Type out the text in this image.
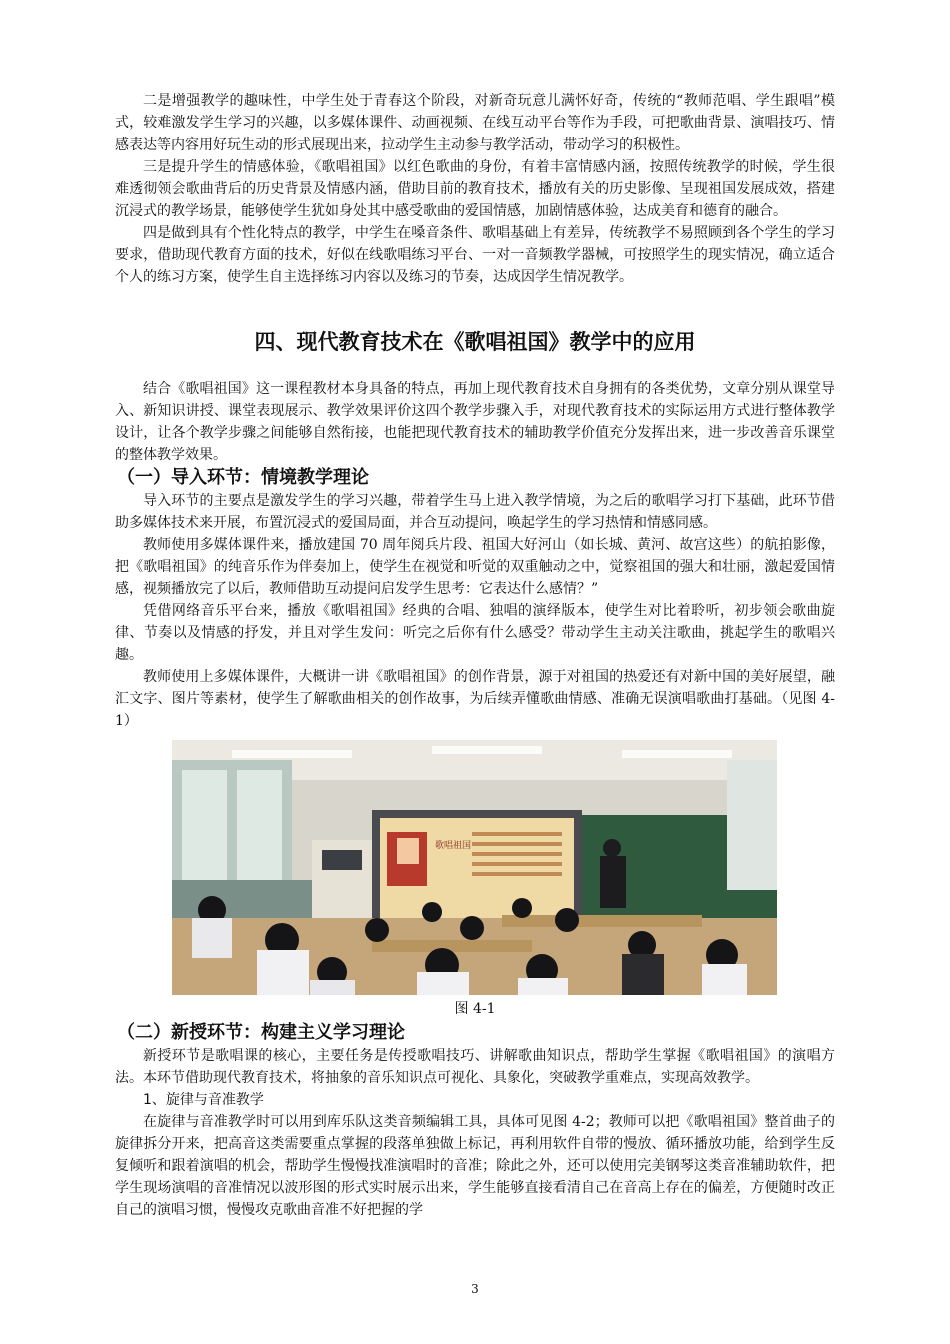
二是增强教学的趣味性，中学生处于青春这个阶段，对新奇玩意儿满怀好奇，传统的“教师范唱、学生跟唱”模式，较难激发学生学习的兴趣，以多媒体课件、动画视频、在线互动平台等作为手段，可把歌曲背景、演唱技巧、情感表达等内容用好玩生动的形式展现出来，拉动学生主动参与教学活动，带动学习的积极性。

三是提升学生的情感体验，《歌唱祖国》以红色歌曲的身份，有着丰富情感内涵，按照传统教学的时候，学生很难透彻领会歌曲背后的历史背景及情感内涵，借助目前的教育技术，播放有关的历史影像、呈现祖国发展成效，搭建沉浸式的教学场景，能够使学生犹如身处其中感受歌曲的爱国情感，加剧情感体验，达成美育和德育的融合。

四是做到具有个性化特点的教学，中学生在嗓音条件、歌唱基础上有差异，传统教学不易照顾到各个学生的学习要求，借助现代教育方面的技术，好似在线歌唱练习平台、一对一音频教学器械，可按照学生的现实情况，确立适合个人的练习方案，使学生自主选择练习内容以及练习的节奏，达成因学生情况教学。

四、现代教育技术在《歌唱祖国》教学中的应用

结合《歌唱祖国》这一课程教材本身具备的特点，再加上现代教育技术自身拥有的各类优势，文章分别从课堂导入、新知识讲授、课堂表现展示、教学效果评价这四个教学步骤入手，对现代教育技术的实际运用方式进行整体教学设计，让各个教学步骤之间能够自然衔接，也能把现代教育技术的辅助教学价值充分发挥出来，进一步改善音乐课堂的整体教学效果。

（一）导入环节：情境教学理论

导入环节的主要点是激发学生的学习兴趣，带着学生马上进入教学情境，为之后的歌唱学习打下基础，此环节借助多媒体技术来开展，布置沉浸式的爱国局面，并合互动提问，唤起学生的学习热情和情感同感。

教师使用多媒体课件来，播放建国 70 周年阅兵片段、祖国大好河山（如长城、黄河、故宫这些）的航拍影像，把《歌唱祖国》的纯音乐作为伴奏加上，使学生在视觉和听觉的双重触动之中，觉察祖国的强大和壮丽，激起爱国情感，视频播放完了以后，教师借助互动提问启发学生思考：它表达什么感情？”

凭借网络音乐平台来，播放《歌唱祖国》经典的合唱、独唱的演绎版本，使学生对比着聆听，初步领会歌曲旋律、节奏以及情感的抒发，并且对学生发问：听完之后你有什么感受？带动学生主动关注歌曲，挑起学生的歌唱兴趣。

教师使用上多媒体课件，大概讲一讲《歌唱祖国》的创作背景，源于对祖国的热爱还有对新中国的美好展望，融汇文字、图片等素材，使学生了解歌曲相关的创作故事，为后续弄懂歌曲情感、准确无误演唱歌曲打基础。（见图 4-1）

歌唱祖国
图 4-1
（二）新授环节：构建主义学习理论

新授环节是歌唱课的核心，主要任务是传授歌唱技巧、讲解歌曲知识点，帮助学生掌握《歌唱祖国》的演唱方法。本环节借助现代教育技术，将抽象的音乐知识点可视化、具象化，突破教学重难点，实现高效教学。

1、旋律与音准教学

在旋律与音准教学时可以用到库乐队这类音频编辑工具，具体可见图 4-2；教师可以把《歌唱祖国》整首曲子的旋律拆分开来，把高音这类需要重点掌握的段落单独做上标记，再利用软件自带的慢放、循环播放功能，给到学生反复倾听和跟着演唱的机会，帮助学生慢慢找准演唱时的音准；除此之外，还可以使用完美钢琴这类音准辅助软件，把学生现场演唱的音准情况以波形图的形式实时展示出来，学生能够直接看清自己在音高上存在的偏差，方便随时改正自己的演唱习惯，慢慢攻克歌曲音准不好把握的学

3
